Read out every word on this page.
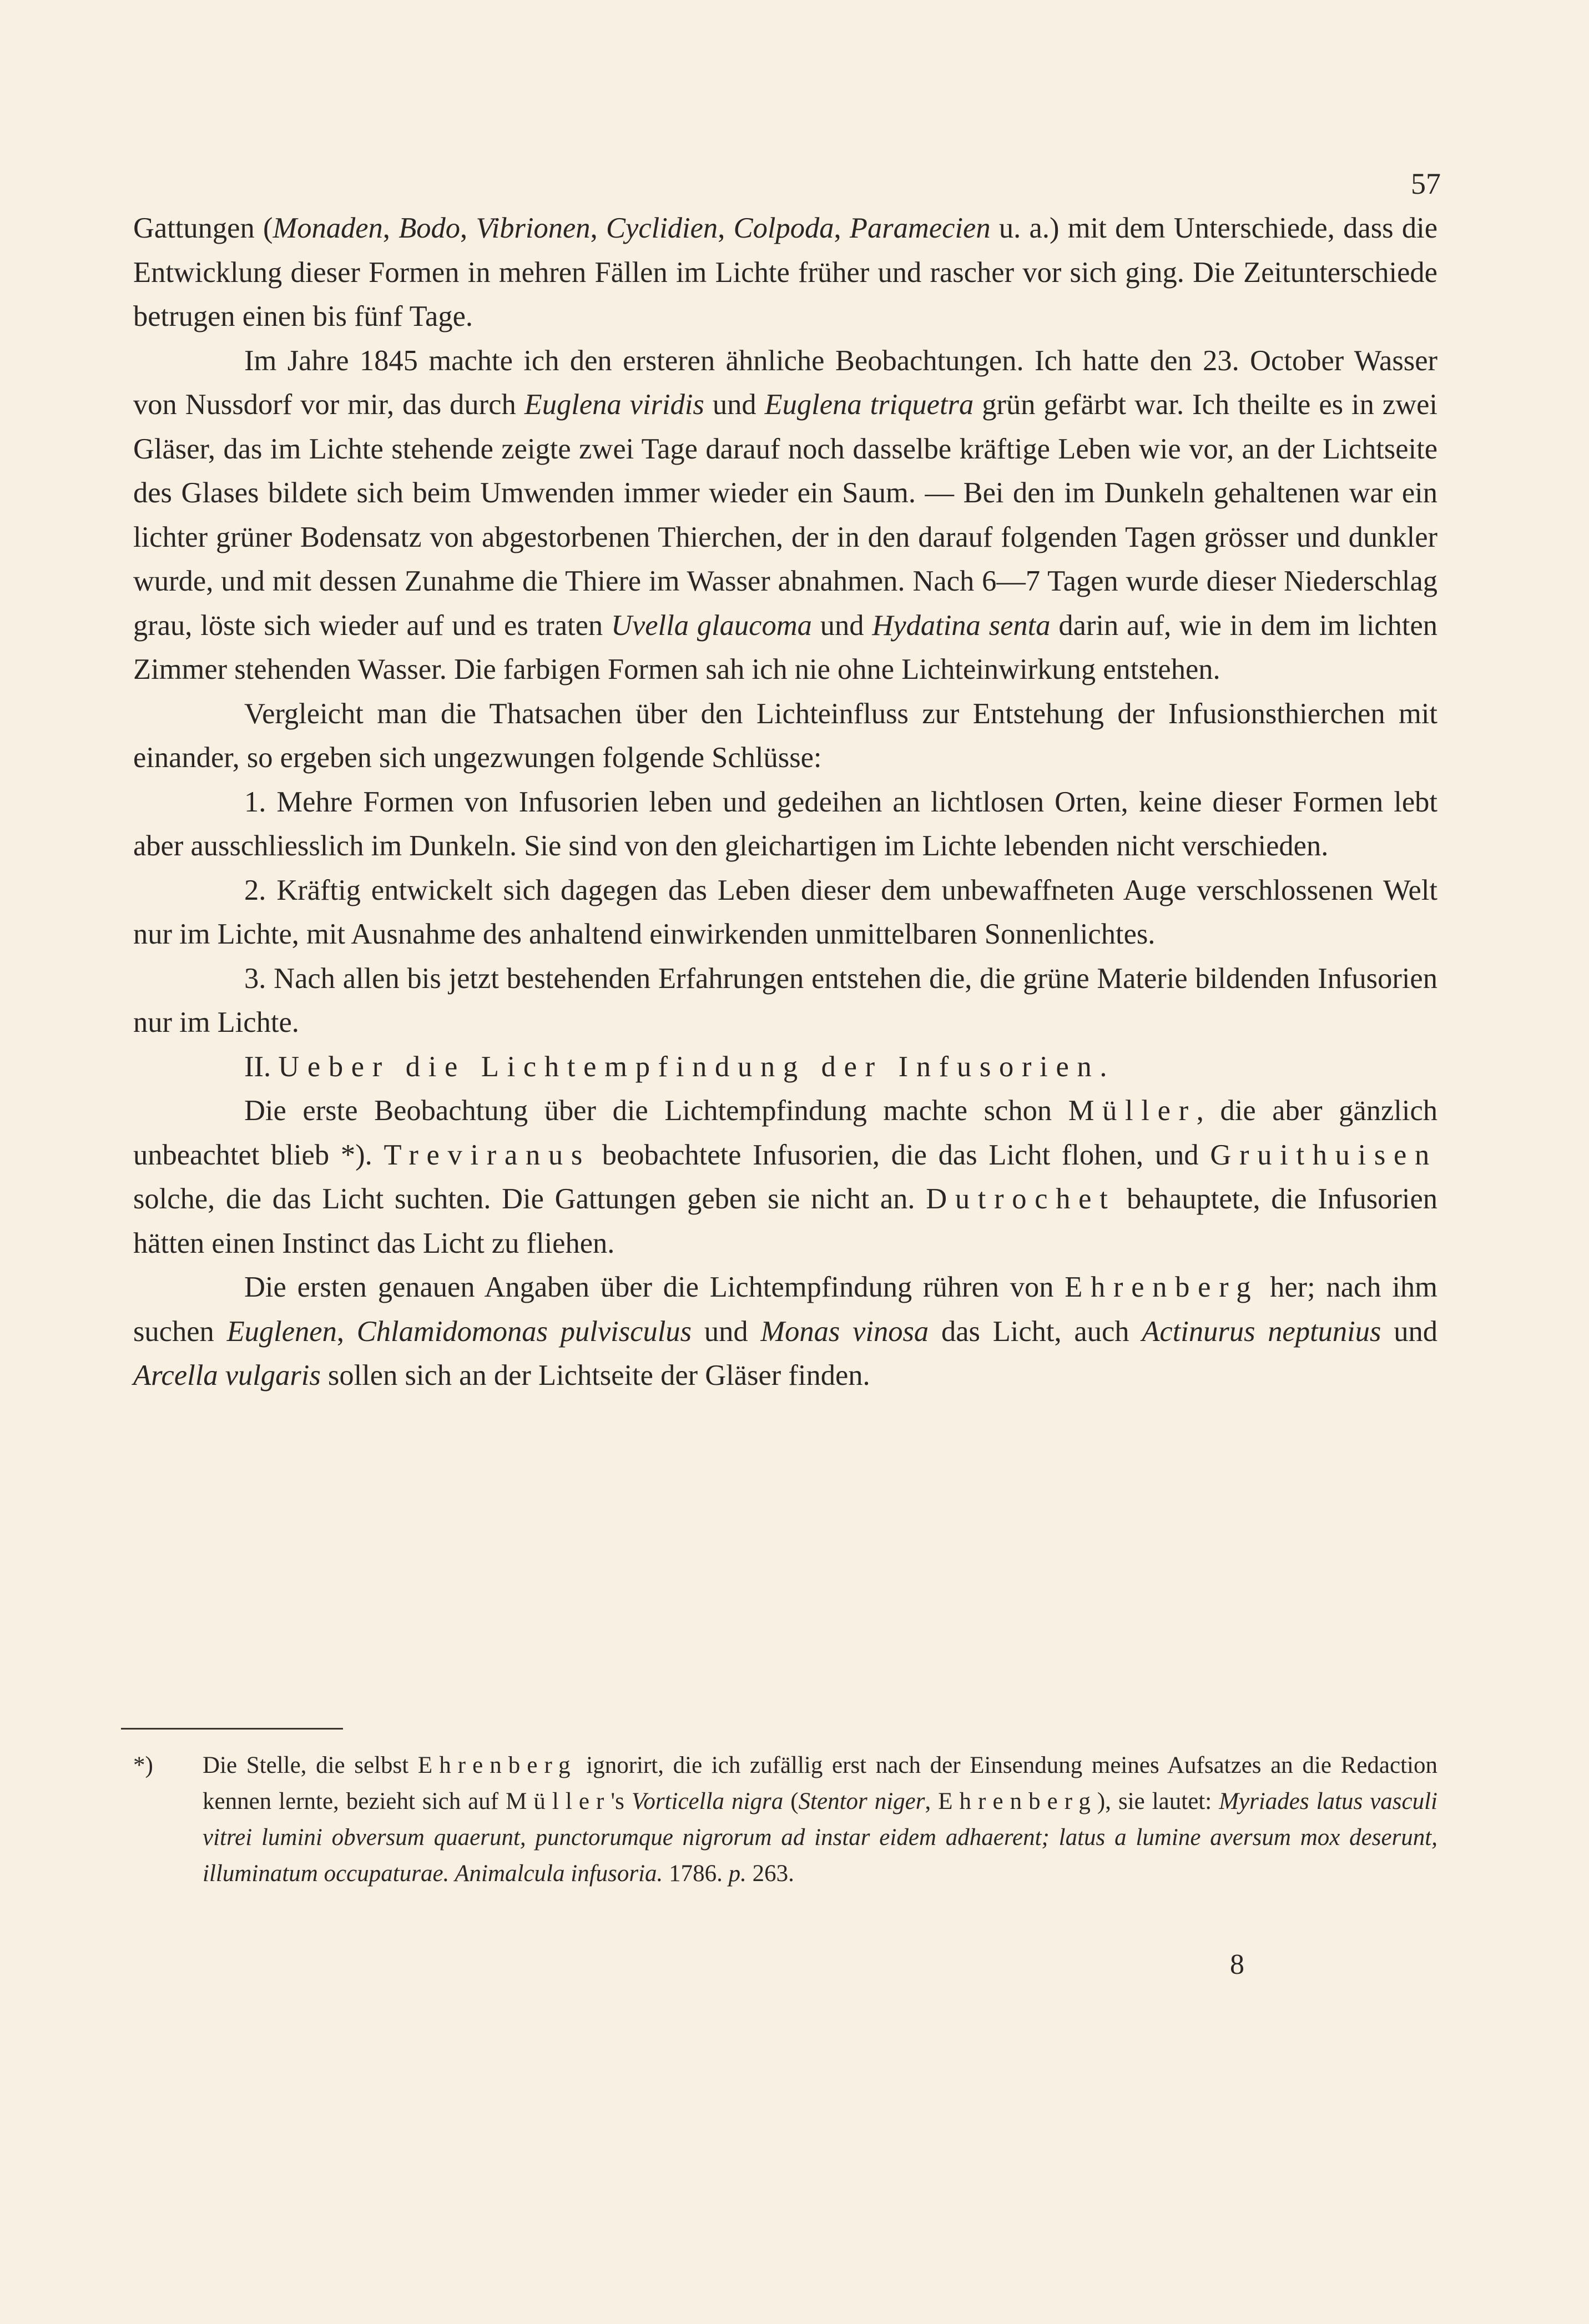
57

Gattungen (Monaden, Bodo, Vibrionen, Cyclidien, Colpoda, Paramecien u. a.) mit dem Unterschiede, dass die Entwicklung dieser Formen in mehren Fällen im Lichte früher und rascher vor sich ging. Die Zeitunterschiede betrugen einen bis fünf Tage.

Im Jahre 1845 machte ich den ersteren ähnliche Beobachtungen. Ich hatte den 23. October Wasser von Nussdorf vor mir, das durch Euglena viridis und Euglena triquetra grün gefärbt war. Ich theilte es in zwei Gläser, das im Lichte stehende zeigte zwei Tage darauf noch dasselbe kräftige Leben wie vor, an der Lichtseite des Glases bildete sich beim Umwenden immer wieder ein Saum. — Bei den im Dunkeln gehaltenen war ein lichter grüner Bodensatz von abgestorbenen Thierchen, der in den darauf folgenden Tagen grösser und dunkler wurde, und mit dessen Zunahme die Thiere im Wasser abnahmen. Nach 6—7 Tagen wurde dieser Niederschlag grau, löste sich wieder auf und es traten Uvella glaucoma und Hydatina senta darin auf, wie in dem im lichten Zimmer stehenden Wasser. Die farbigen Formen sah ich nie ohne Lichteinwirkung entstehen.

Vergleicht man die Thatsachen über den Lichteinfluss zur Entstehung der Infusionsthierchen mit einander, so ergeben sich ungezwungen folgende Schlüsse:

1. Mehre Formen von Infusorien leben und gedeihen an lichtlosen Orten, keine dieser Formen lebt aber ausschliesslich im Dunkeln. Sie sind von den gleichartigen im Lichte lebenden nicht verschieden.

2. Kräftig entwickelt sich dagegen das Leben dieser dem unbewaffneten Auge verschlossenen Welt nur im Lichte, mit Ausnahme des anhaltend einwirkenden unmittelbaren Sonnenlichtes.

3. Nach allen bis jetzt bestehenden Erfahrungen entstehen die, die grüne Materie bildenden Infusorien nur im Lichte.

II. Ueber die Lichtempfindung der Infusorien.

Die erste Beobachtung über die Lichtempfindung machte schon Müller, die aber gänzlich unbeachtet blieb *). Treviranus beobachtete Infusorien, die das Licht flohen, und Gruithuisen solche, die das Licht suchten. Die Gattungen geben sie nicht an. Dutrochet behauptete, die Infusorien hätten einen Instinct das Licht zu fliehen.

Die ersten genauen Angaben über die Lichtempfindung rühren von Ehrenberg her; nach ihm suchen Euglenen, Chlamidomonas pulvisculus und Monas vinosa das Licht, auch Actinurus neptunius und Arcella vulgaris sollen sich an der Lichtseite der Gläser finden.

*) Die Stelle, die selbst Ehrenberg ignorirt, die ich zufällig erst nach der Einsendung meines Aufsatzes an die Redaction kennen lernte, bezieht sich auf Müller's Vorticella nigra (Stentor niger, Ehrenberg), sie lautet: Myriades latus vasculi vitrei lumini obversum quaerunt, punctorumque nigrorum ad instar eidem adhaerent; latus a lumine aversum mox deserunt, illuminatum occupaturae. Animalcula infusoria. 1786. p. 263.

8
